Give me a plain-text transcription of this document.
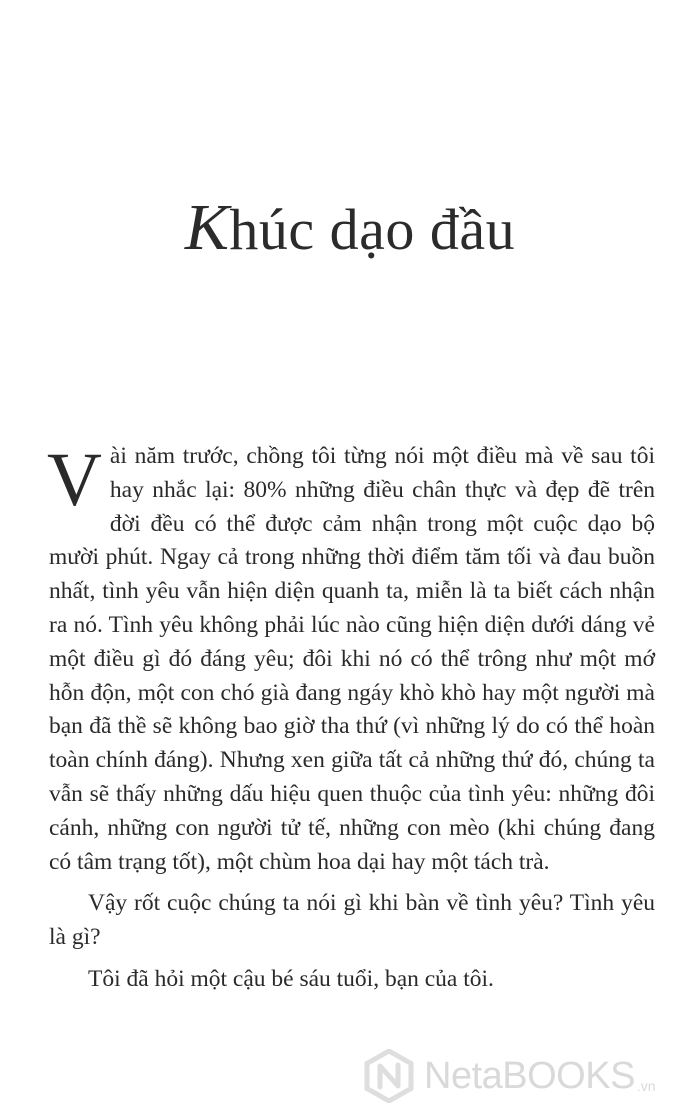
Khúc dạo đầu

Vài năm trước, chồng tôi từng nói một điều mà về sau tôi hay nhắc lại: 80% những điều chân thực và đẹp đẽ trên đời đều có thể được cảm nhận trong một cuộc dạo bộ mười phút. Ngay cả trong những thời điểm tăm tối và đau buồn nhất, tình yêu vẫn hiện diện quanh ta, miễn là ta biết cách nhận ra nó. Tình yêu không phải lúc nào cũng hiện diện dưới dáng vẻ một điều gì đó đáng yêu; đôi khi nó có thể trông như một mớ hỗn độn, một con chó già đang ngáy khò khò hay một người mà bạn đã thề sẽ không bao giờ tha thứ (vì những lý do có thể hoàn toàn chính đáng). Nhưng xen giữa tất cả những thứ đó, chúng ta vẫn sẽ thấy những dấu hiệu quen thuộc của tình yêu: những đôi cánh, những con người tử tế, những con mèo (khi chúng đang có tâm trạng tốt), một chùm hoa dại hay một tách trà.

Vậy rốt cuộc chúng ta nói gì khi bàn về tình yêu? Tình yêu là gì?

Tôi đã hỏi một cậu bé sáu tuổi, bạn của tôi.

NetaBOOKS .vn
